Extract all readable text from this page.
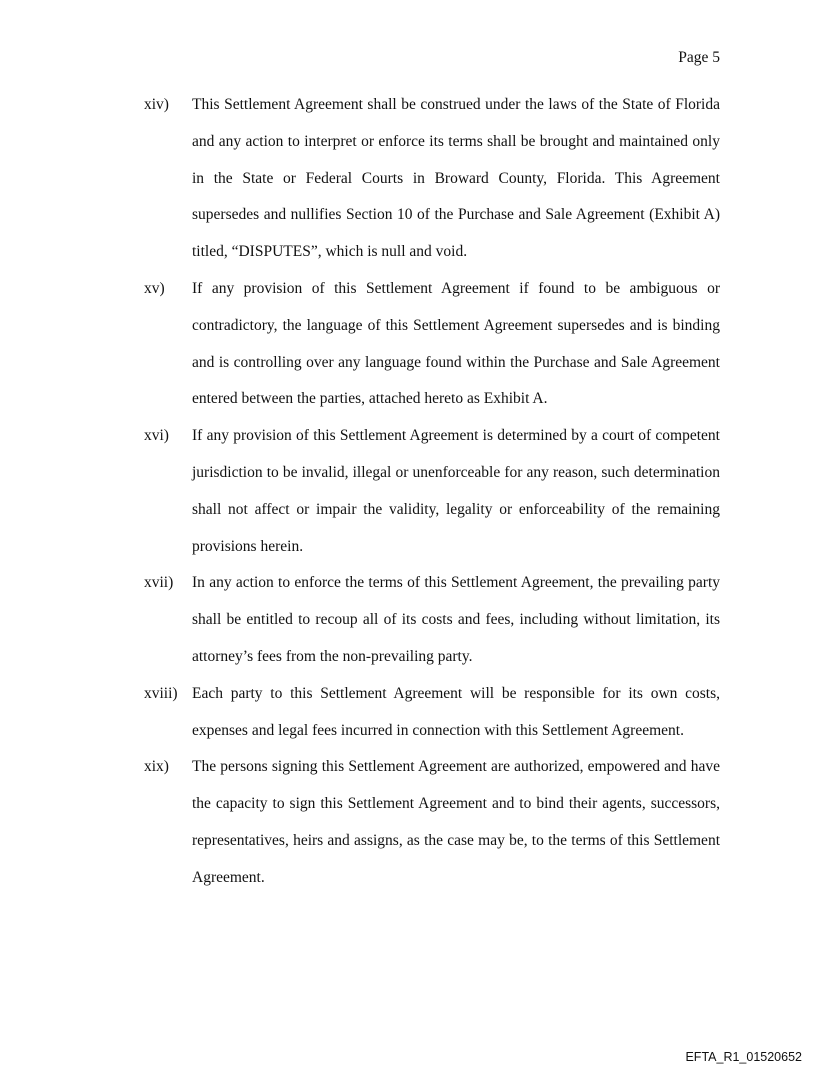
Page 5

xiv)	This Settlement Agreement shall be construed under the laws of the State of Florida and any action to interpret or enforce its terms shall be brought and maintained only in the State or Federal Courts in Broward County, Florida. This Agreement supersedes and nullifies Section 10 of the Purchase and Sale Agreement (Exhibit A) titled, “DISPUTES”, which is null and void.

xv)	If any provision of this Settlement Agreement if found to be ambiguous or contradictory, the language of this Settlement Agreement supersedes and is binding and is controlling over any language found within the Purchase and Sale Agreement entered between the parties, attached hereto as Exhibit A.

xvi)	If any provision of this Settlement Agreement is determined by a court of competent jurisdiction to be invalid, illegal or unenforceable for any reason, such determination shall not affect or impair the validity, legality or enforceability of the remaining provisions herein.

xvii)	In any action to enforce the terms of this Settlement Agreement, the prevailing party shall be entitled to recoup all of its costs and fees, including without limitation, its attorney’s fees from the non-prevailing party.

xviii) Each party to this Settlement Agreement will be responsible for its own costs, expenses and legal fees incurred in connection with this Settlement Agreement.

xix)	The persons signing this Settlement Agreement are authorized, empowered and have the capacity to sign this Settlement Agreement and to bind their agents, successors, representatives, heirs and assigns, as the case may be, to the terms of this Settlement Agreement.

EFTA_R1_01520652
